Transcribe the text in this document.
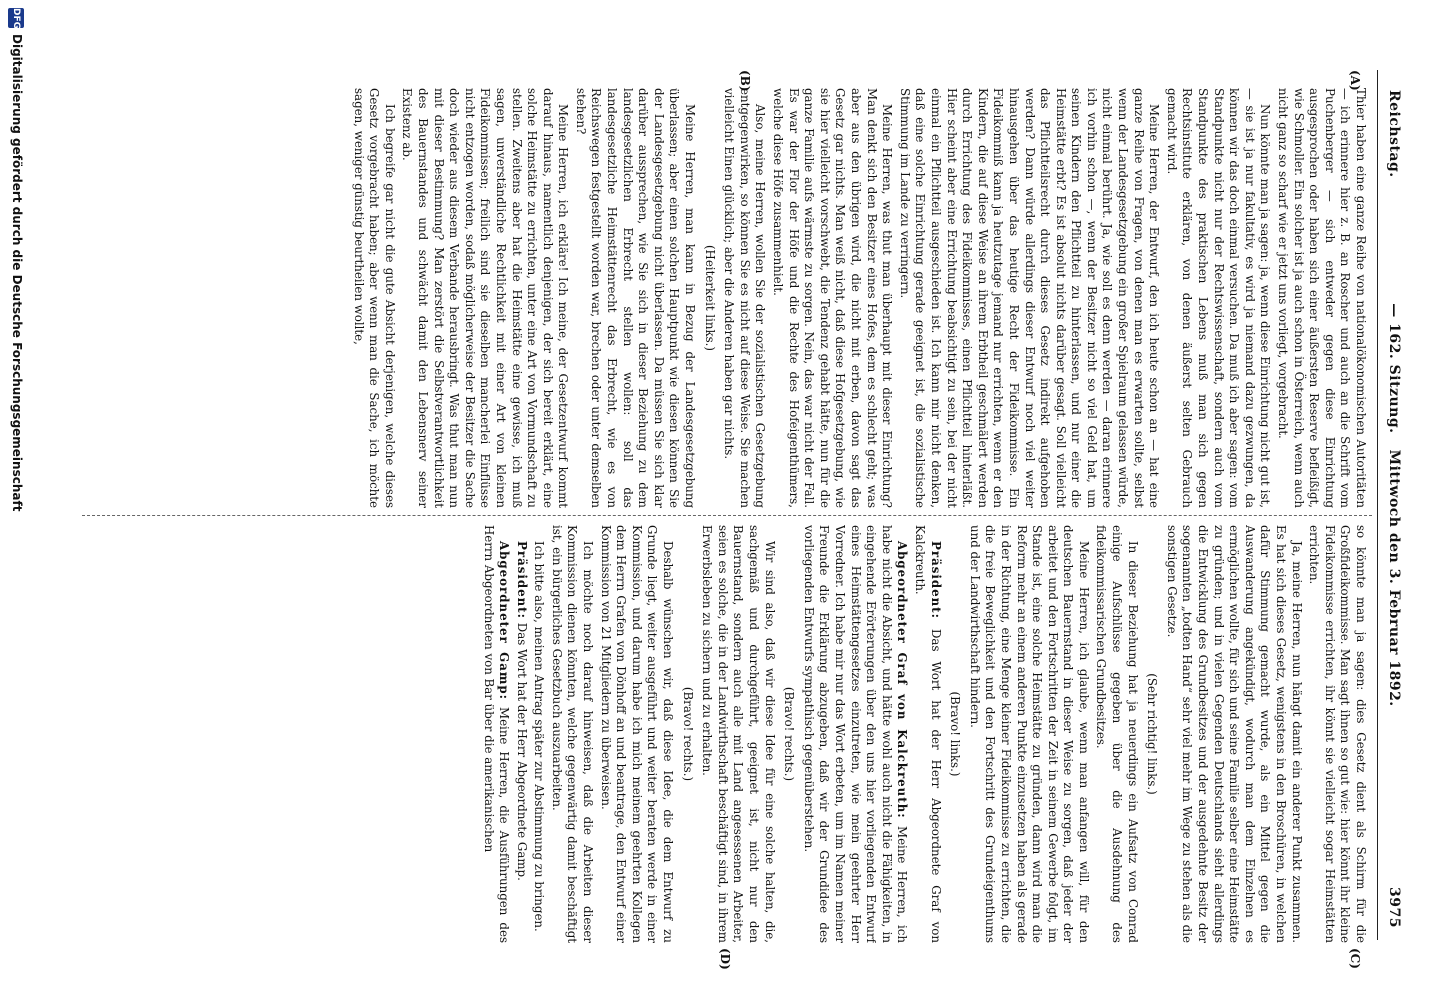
Reichstag.
— 162. Sitzung.   Mittwoch den 3. Februar 1892.
3975
(A)
(B)
(C)
(D)

Thier haben eine ganze Reihe von nationalökonomischen Autoritäten — ich erinnere hier z. B. an Roscher und auch an die Schrift vom Puchenberger — sich entweder gegen diese Einrichtung ausgesprochen oder haben sich einer äußersten Reserve befleißigt, wie Schmoller. Ein solcher ist ja auch schon in Österreich, wenn auch nicht ganz so scharf wie er jetzt uns vorliegt, vorgebracht.

Nun könnte man ja sagen: ja, wenn diese Einrichtung nicht gut ist, — sie ist ja nur fakultativ, es wird ja niemand dazu gezwungen, da können wir das doch einmal versuchen. Da muß ich aber sagen: vom Standpunkte nicht nur der Rechtswissenschaft, sondern auch vom Standpunkte des praktischen Lebens muß man sich gegen Rechtsinstitute erklären, von denen äußerst selten Gebrauch gemacht wird.

Meine Herren, der Entwurf, den ich heute schon an — hat eine ganze Reihe von Fragen, von denen man es erwarten sollte, selbst wenn der Landesgesetzgebung ein großer Spielraum gelassen würde, nicht einmal berührt. Ja, wie soll es denn werden — daran erinnere ich vorhin schon —, wenn der Besitzer nicht so viel Geld hat, um seinen Kindern den Pflichtteil zu hinterlassen, und nur einer die Heimstätte erbt? Es ist absolut nichts darüber gesagt. Soll vielleicht das Pflichtteilsrecht durch dieses Gesetz indirekt aufgehoben werden? Dann würde allerdings dieser Entwurf noch viel weiter hinausgehen über das heutige Recht der Fideikommisse. Ein Fideikommiß kann ja heutzutage jemand nur errichten, wenn er den Kindern, die auf diese Weise an ihrem Erbtheil geschmälert werden durch Errichtung des Fideikommisses, einen Pflichtteil hinterläßt. Hier scheint aber eine Errichtung beabsichtigt zu sein, bei der nicht einmal ein Pflichtteil ausgeschieden ist. Ich kann mir nicht denken, daß eine solche Einrichtung gerade geeignet ist, die sozialistische Stimmung im Lande zu verringern.

Meine Herren, was thut man überhaupt mit dieser Einrichtung? Man denkt sich den Besitzer eines Hofes, dem es schlecht geht; was aber aus den übrigen wird, die nicht mit erben, davon sagt das Gesetz gar nichts. Man weiß nicht, daß diese Hofgesetzgebung, wie sie hier vielleicht vorschwebt, die Tendenz gehabt hätte, nun für die ganze Familie aufs wärmste zu sorgen. Nein, das war nicht der Fall. Es war der Flor der Höfe und die Rechte des Hofeigenthümers, welche diese Höfe zusammenhielt.

Also, meine Herren, wollen Sie der sozialistischen Gesetzgebung entgegenwirken, so können Sie es nicht auf diese Weise. Sie machen vielleicht Einen glücklich; aber die Anderen haben gar nichts.

(Heiterkeit links.)

Meine Herren, man kann in Bezug der Landesgesetzgebung überlassen; aber einen solchen Hauptpunkt wie diesen können Sie der Landesgesetzgebung nicht überlassen. Da müssen Sie sich klar darüber aussprechen, wie Sie sich in dieser Beziehung zu dem landesgesetzlichen Erbrecht stellen wollen: soll das landesgesetzliche Heimstättenrecht das Erbrecht, wie es von Reichswegen festgestellt worden war, brechen oder unter demselben stehen?

Meine Herren, ich erkläre! Ich meine, der Gesetzentwurf kommt darauf hinaus, namentlich denjenigen, der sich bereit erklärt, eine solche Heimstätte zu errichten, unter eine Art von Vormundschaft zu stellen. Zweitens aber hat die Heimstätte eine gewisse, ich muß sagen, unverständliche Rechtlichkeit mit einer Art von kleinen Fideikommissen; freilich sind sie dieselben mancherlei Einflüsse nicht entzogen worden, sodaß möglicherweise der Besitzer die Sache doch wieder aus diesem Verbande herausbringt. Was thut man nun mit dieser Bestimmung? Man zerstört die Selbstverantwortlichkeit des Bauernstandes und schwächt damit den Lebensnerv seiner Existenz ab.

Ich begreife gar nicht die gute Absicht derjenigen, welche dieses Gesetz vorgebracht haben; aber wenn man die Sache, ich möchte sagen, weniger günstig beurtheilen wollte,

so könnte man ja sagen: dies Gesetz dient als Schirm für die Großfideikommisse. Man sagt ihnen so gut wie: hier könnt ihr kleine Fideikommisse errichten, ihr könnt sie vielleicht sogar Heimstätten errichten.

Ja, meine Herren, nun hängt damit ein anderer Punkt zusammen. Es hat sich dieses Gesetz, wenigstens in den Broschüren, in welchen dafür Stimmung gemacht wurde, als ein Mittel gegen die Auswanderung angekündigt, wodurch man dem Einzelnen es ermöglichen wollte, für sich und seine Familie selber eine Heimstätte zu gründen; und in vielen Gegenden Deutschlands sieht allerdings die Entwicklung des Grundbesitzes und der ausgedehnte Besitz der sogenannten „todten Hand“ sehr viel mehr im Wege zu stehen als die sonstigen Gesetze.

(Sehr richtig! links.)

In dieser Beziehung hat ja neuerdings ein Aufsatz von Conrad einige Aufschlüsse gegeben über die Ausdehnung des fideikommissarischen Grundbesitzes.

Meine Herren, ich glaube, wenn man anfangen will, für den deutschen Bauernstand in dieser Weise zu sorgen, daß jeder der arbeitet und den Fortschritten der Zeit in seinem Gewerbe folgt, im Stande ist, eine solche Heimstätte zu gründen, dann wird man die Reform mehr an einem anderen Punkte einzusetzen haben als gerade in der Richtung, eine Menge kleiner Fideikommisse zu errichten, die die freie Beweglichkeit und den Fortschritt des Grundeigenthums und der Landwirthschaft hindern.

(Bravo! links.)

Präsident: Das Wort hat der Herr Abgeordnete Graf von Kalckreuth.

Abgeordneter Graf von Kalckreuth: Meine Herren, ich habe nicht die Absicht, und hätte wohl auch nicht die Fähigkeiten, in eingehende Erörterungen über den uns hier vorliegenden Entwurf eines Heimstättengesetzes einzutreten, wie mein geehrter Herr Vorredner. Ich habe mir nur das Wort erbeten, um im Namen meiner Freunde die Erklärung abzugeben, daß wir der Grundidee des vorliegenden Entwurfs sympathisch gegenüberstehen.

(Bravo! rechts.)

Wir sind also, daß wir diese Idee für eine solche halten, die, sachgemäß und durchgeführt, geeignet ist, nicht nur den Bauernstand, sondern auch alle mit Land angesessenen Arbeiter, seien es solche, die in der Landwirthschaft beschäftigt sind, in ihrem Erwerbsleben zu sichern und zu erhalten.

(Bravo! rechts.)

Deshalb wünschen wir, daß diese Idee, die dem Entwurf zu Grunde liegt, weiter ausgeführt und weiter beraten werde in einer Kommission, und darum habe ich mich meinem geehrten Kollegen dem Herrn Grafen von Dönhoff an und beantrage, den Entwurf einer Kommission von 21 Mitgliedern zu überweisen.

Ich möchte noch darauf hinweisen, daß die Arbeiten dieser Kommission dienen könnten, welche gegenwärtig damit beschäftigt ist, ein bürgerliches Gesetzbuch auszuarbeiten.

Ich bitte also, meinen Antrag später zur Abstimmung zu bringen.

Präsident: Das Wort hat der Herr Abgeordnete Gamp.

Abgeordneter Gamp: Meine Herren, die Ausführungen des Herrn Abgeordneten von Bar über die amerikanischen

DFG
Digitalisierung gefördert durch die Deutsche Forschungsgemeinschaft
